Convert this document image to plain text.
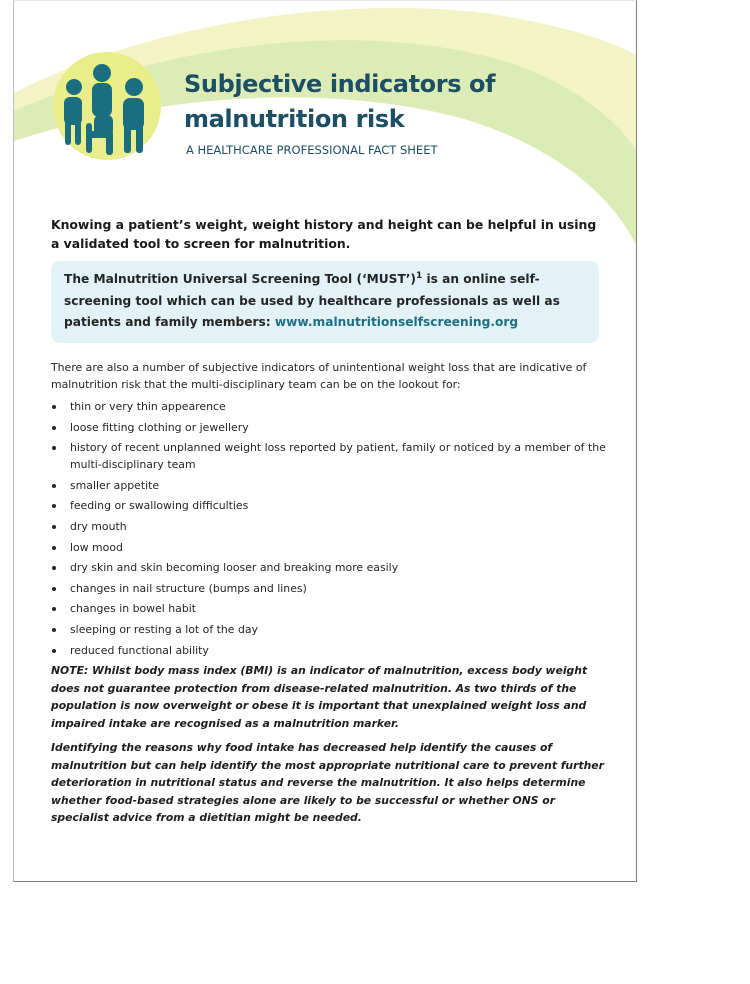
Subjective indicators of
malnutrition risk

A HEALTHCARE PROFESSIONAL FACT SHEET

Knowing a patient’s weight, weight history and height can be helpful in using a validated tool to screen for malnutrition.

The Malnutrition Universal Screening Tool (‘MUST’)$^1$ is an online self-screening tool which can be used by healthcare professionals as well as patients and family members: www.malnutritionselfscreening.org

There are also a number of subjective indicators of unintentional weight loss that are indicative of malnutrition risk that the multi-disciplinary team can be on the lookout for:

thin or very thin appearence
loose fitting clothing or jewellery
history of recent unplanned weight loss reported by patient, family or noticed by a member of the multi-disciplinary team
smaller appetite
feeding or swallowing difficulties
dry mouth
low mood
dry skin and skin becoming looser and breaking more easily
changes in nail structure (bumps and lines)
changes in bowel habit
sleeping or resting a lot of the day
reduced functional ability

NOTE: Whilst body mass index (BMI) is an indicator of malnutrition, excess body weight does not guarantee protection from disease-related malnutrition. As two thirds of the population is now overweight or obese it is important that unexplained weight loss and impaired intake are recognised as a malnutrition marker.

Identifying the reasons why food intake has decreased help identify the causes of malnutrition but can help identify the most appropriate nutritional care to prevent further deterioration in nutritional status and reverse the malnutrition. It also helps determine whether food-based strategies alone are likely to be successful or whether ONS or specialist advice from a dietitian might be needed.
